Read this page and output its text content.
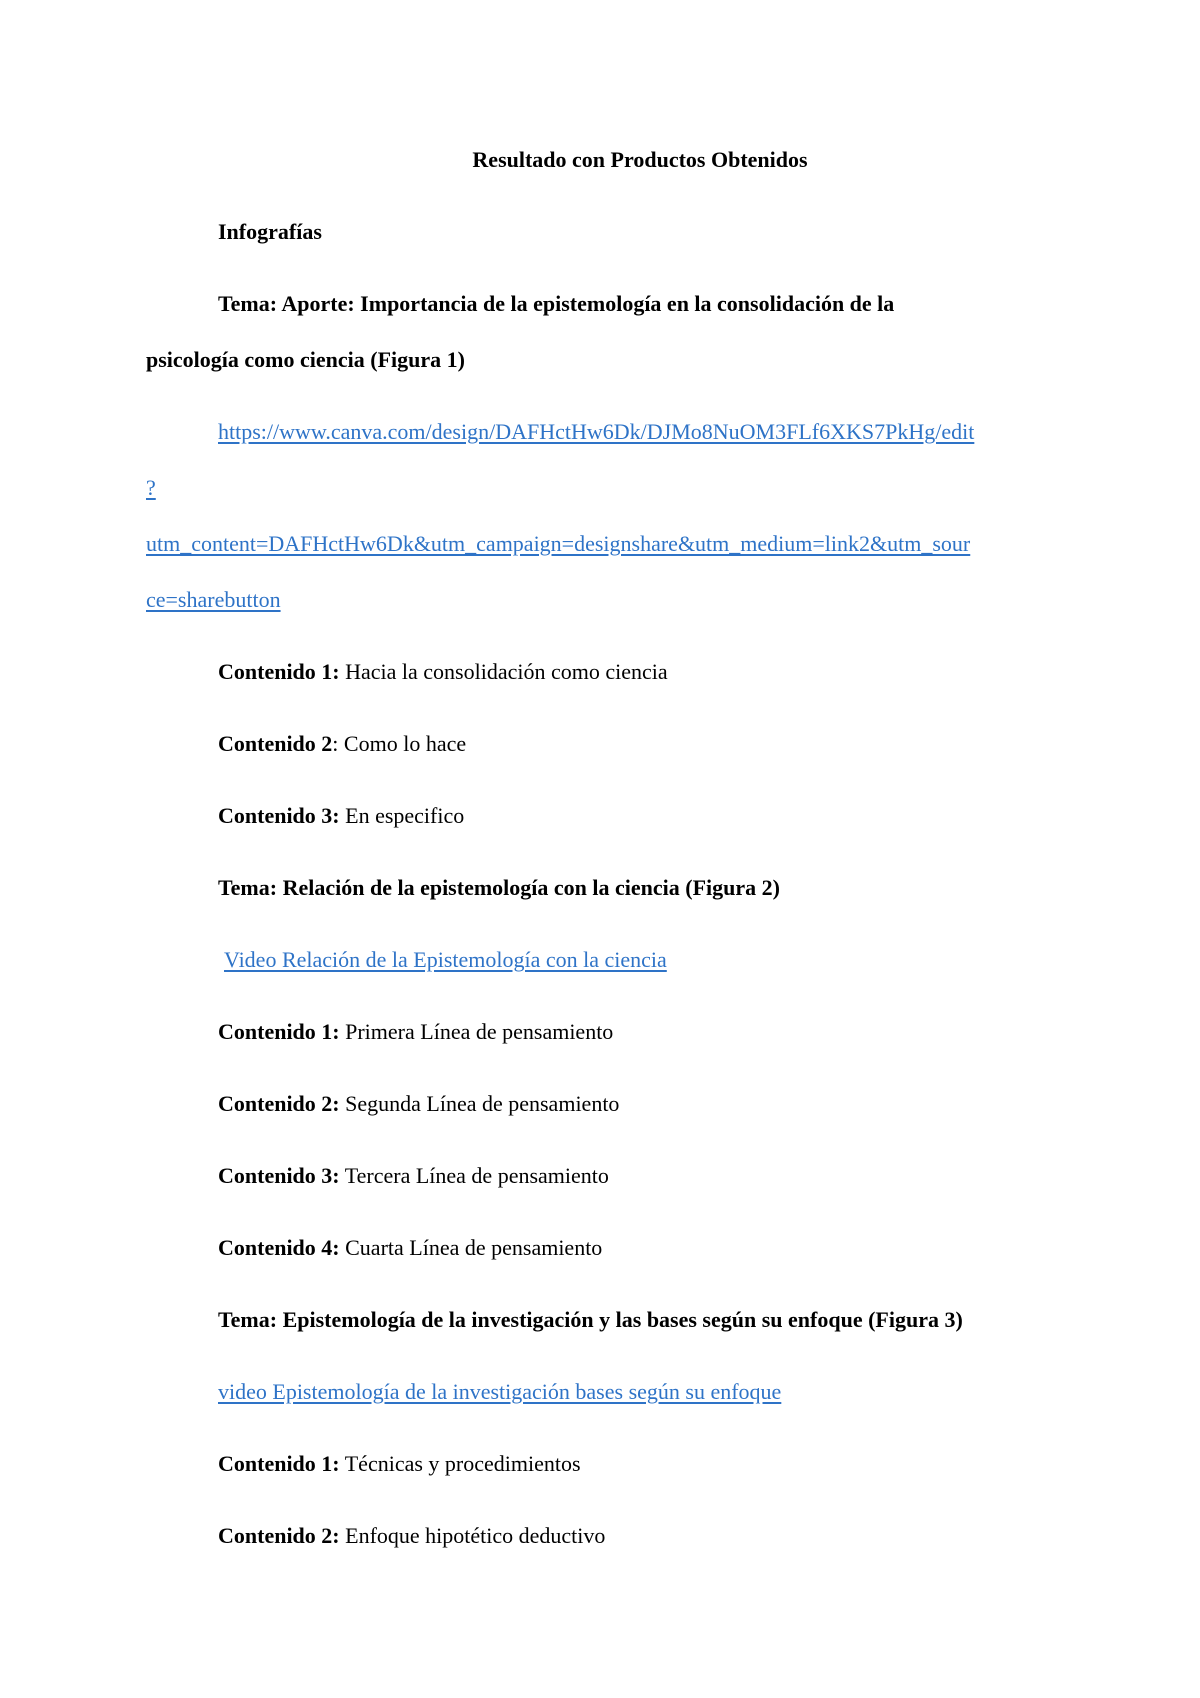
Resultado con Productos Obtenidos
Infografías
Tema: Aporte: Importancia de la epistemología en la consolidación de la
psicología como ciencia (Figura 1)
https://www.canva.com/design/DAFHctHw6Dk/DJMo8NuOM3FLf6XKS7PkHg/edit
?
utm_content=DAFHctHw6Dk&utm_campaign=designshare&utm_medium=link2&utm_sour
ce=sharebutton
Contenido 1: Hacia la consolidación como ciencia
Contenido 2: Como lo hace
Contenido 3: En especifico
Tema: Relación de la epistemología con la ciencia (Figura 2)
Video Relación de la Epistemología con la ciencia
Contenido 1: Primera Línea de pensamiento
Contenido 2: Segunda Línea de pensamiento
Contenido 3: Tercera Línea de pensamiento
Contenido 4: Cuarta Línea de pensamiento
Tema: Epistemología de la investigación y las bases según su enfoque (Figura 3)
video Epistemología de la investigación bases según su enfoque
Contenido 1: Técnicas y procedimientos
Contenido 2: Enfoque hipotético deductivo
